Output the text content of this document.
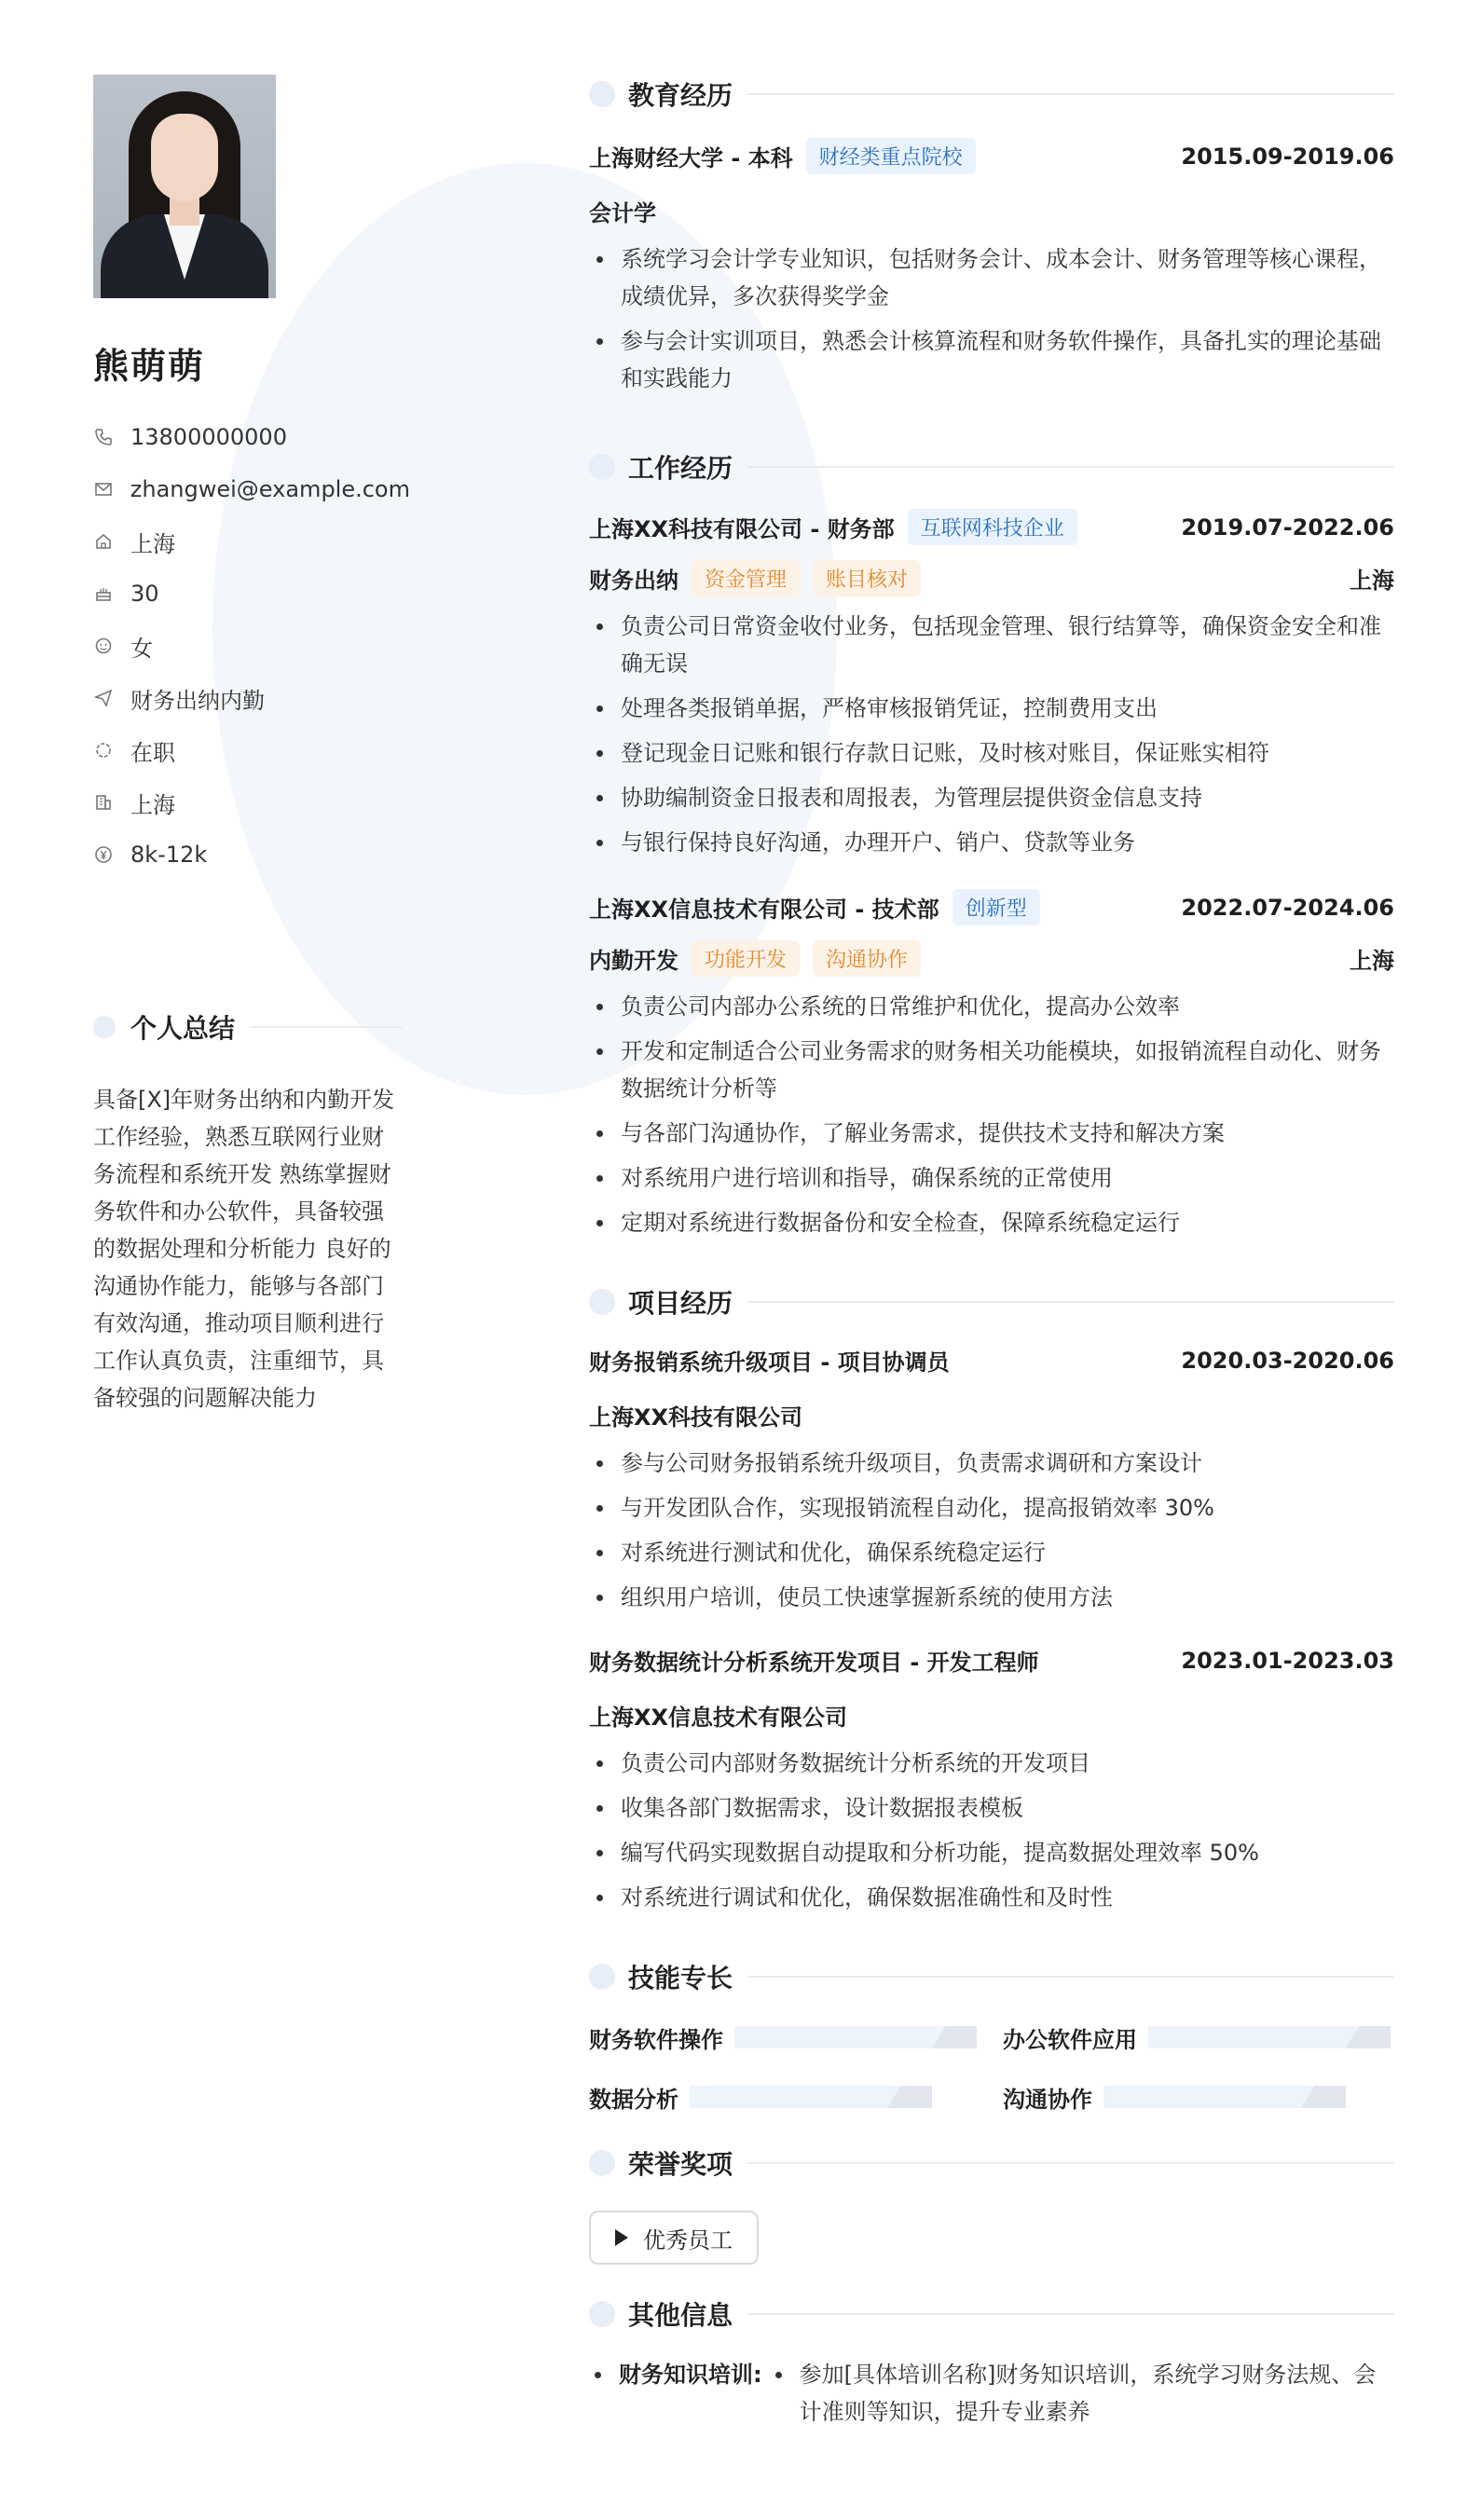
熊萌萌
13800000000
zhangwei@example.com
上海
30
女
财务出纳内勤
在职
上海
8k-12k
个人总结
具备[X]年财务出纳和内勤开发工作经验，熟悉互联网行业财务流程和系统开发 熟练掌握财务软件和办公软件，具备较强的数据处理和分析能力 良好的沟通协作能力，能够与各部门有效沟通，推动项目顺利进行 工作认真负责，注重细节，具备较强的问题解决能力
教育经历
上海财经大学 - 本科	财经类重点院校	2015.09-2019.06
会计学
系统学习会计学专业知识，包括财务会计、成本会计、财务管理等核心课程，成绩优异，多次获得奖学金
参与会计实训项目，熟悉会计核算流程和财务软件操作，具备扎实的理论基础和实践能力
工作经历
上海XX科技有限公司 - 财务部	互联网科技企业	2019.07-2022.06
财务出纳	资金管理	账目核对	上海
负责公司日常资金收付业务，包括现金管理、银行结算等，确保资金安全和准确无误
处理各类报销单据，严格审核报销凭证，控制费用支出
登记现金日记账和银行存款日记账，及时核对账目，保证账实相符
协助编制资金日报表和周报表，为管理层提供资金信息支持
与银行保持良好沟通，办理开户、销户、贷款等业务
上海XX信息技术有限公司 - 技术部	创新型	2022.07-2024.06
内勤开发	功能开发	沟通协作	上海
负责公司内部办公系统的日常维护和优化，提高办公效率
开发和定制适合公司业务需求的财务相关功能模块，如报销流程自动化、财务数据统计分析等
与各部门沟通协作，了解业务需求，提供技术支持和解决方案
对系统用户进行培训和指导，确保系统的正常使用
定期对系统进行数据备份和安全检查，保障系统稳定运行
项目经历
财务报销系统升级项目 - 项目协调员	2020.03-2020.06
上海XX科技有限公司
参与公司财务报销系统升级项目，负责需求调研和方案设计
与开发团队合作，实现报销流程自动化，提高报销效率 30%
对系统进行测试和优化，确保系统稳定运行
组织用户培训，使员工快速掌握新系统的使用方法
财务数据统计分析系统开发项目 - 开发工程师	2023.01-2023.03
上海XX信息技术有限公司
负责公司内部财务数据统计分析系统的开发项目
收集各部门数据需求，设计数据报表模板
编写代码实现数据自动提取和分析功能，提高数据处理效率 50%
对系统进行调试和优化，确保数据准确性和及时性
技能专长
财务软件操作	办公软件应用
数据分析	沟通协作
荣誉奖项
优秀员工
其他信息
财务知识培训:	参加[具体培训名称]财务知识培训，系统学习财务法规、会计准则等知识，提升专业素养
